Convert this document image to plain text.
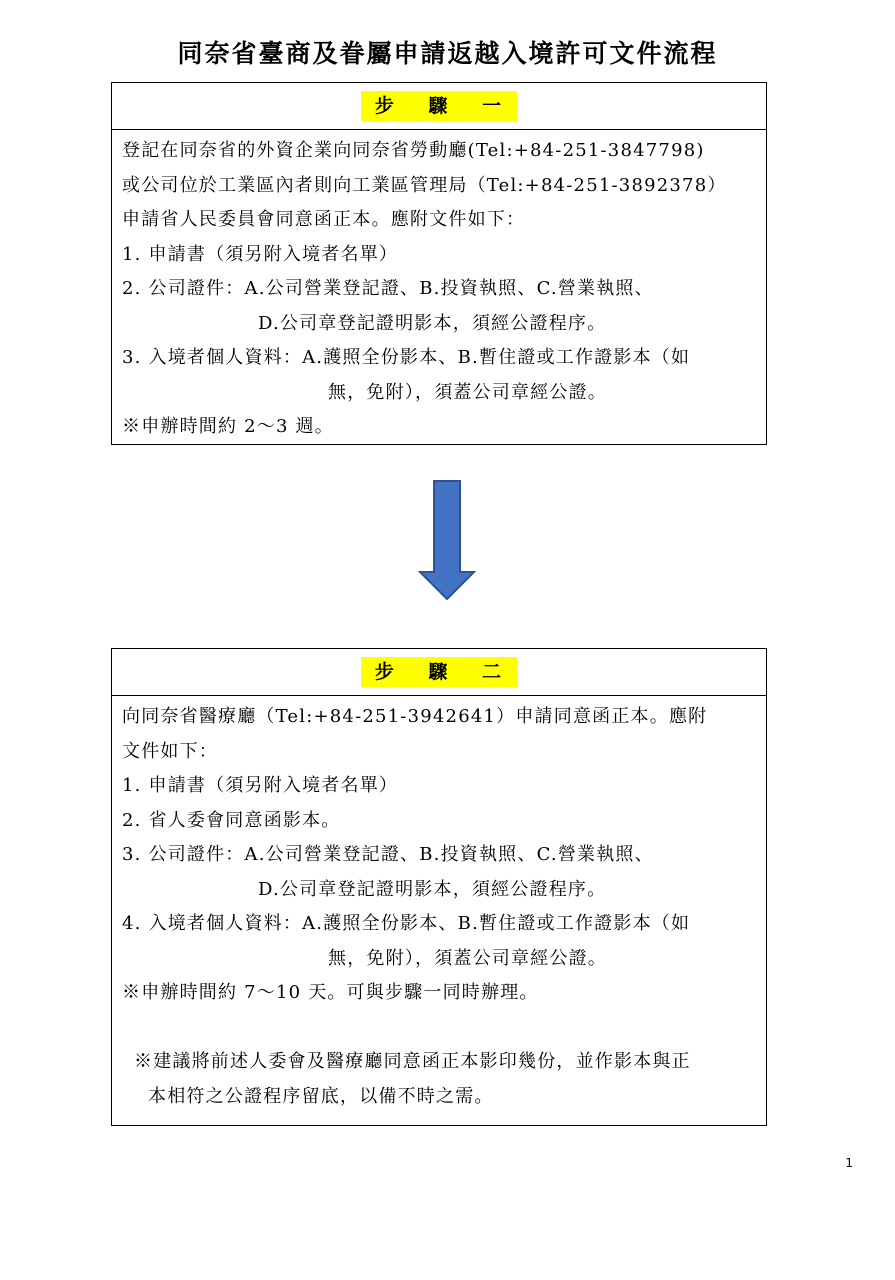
同奈省臺商及眷屬申請返越入境許可文件流程
步 驟 一
登記在同奈省的外資企業向同奈省勞動廳(Tel:+84-251-3847798)
或公司位於工業區內者則向工業區管理局（Tel:+84-251-3892378）
申請省人民委員會同意函正本。應附文件如下：
1. 申請書（須另附入境者名單）
2. 公司證件：A.公司營業登記證、B.投資執照、C.營業執照、
D.公司章登記證明影本，須經公證程序。
3. 入境者個人資料：A.護照全份影本、B.暫住證或工作證影本（如
無，免附），須蓋公司章經公證。
※申辦時間約 2～3 週。
步 驟 二
向同奈省醫療廳（Tel:+84-251-3942641）申請同意函正本。應附
文件如下：
1. 申請書（須另附入境者名單）
2. 省人委會同意函影本。
3. 公司證件：A.公司營業登記證、B.投資執照、C.營業執照、
D.公司章登記證明影本，須經公證程序。
4. 入境者個人資料：A.護照全份影本、B.暫住證或工作證影本（如
無，免附），須蓋公司章經公證。
※申辦時間約 7～10 天。可與步驟一同時辦理。
※建議將前述人委會及醫療廳同意函正本影印幾份，並作影本與正
本相符之公證程序留底，以備不時之需。
1
